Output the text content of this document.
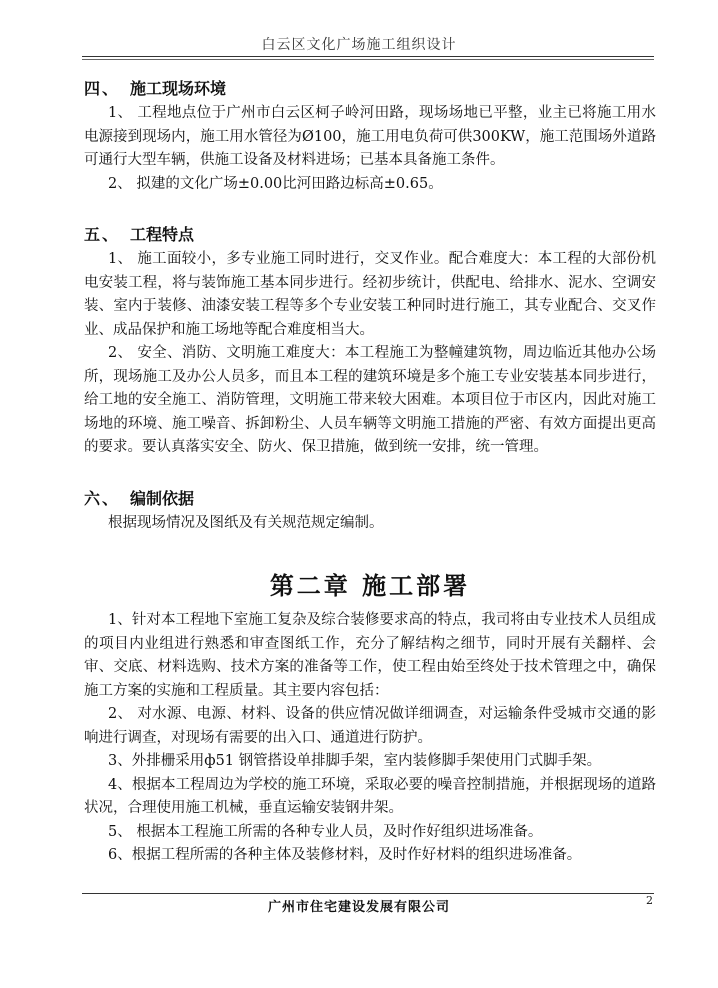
白云区文化广场施工组织设计
四、 施工现场环境
1、 工程地点位于广州市白云区柯子岭河田路，现场场地已平整，业主已将施工用水电源接到现场内，施工用水管径为Ø100，施工用电负荷可供300KW，施工范围场外道路可通行大型车辆，供施工设备及材料进场；已基本具备施工条件。
2、 拟建的文化广场±0.00比河田路边标高±0.65。
五、 工程特点
1、 施工面较小，多专业施工同时进行，交叉作业。配合难度大：本工程的大部份机电安装工程，将与装饰施工基本同步进行。经初步统计，供配电、给排水、泥水、空调安装、室内于装修、油漆安装工程等多个专业安装工种同时进行施工，其专业配合、交叉作业、成品保护和施工场地等配合难度相当大。
2、 安全、消防、文明施工难度大：本工程施工为整幢建筑物，周边临近其他办公场所，现场施工及办公人员多，而且本工程的建筑环境是多个施工专业安装基本同步进行，给工地的安全施工、消防管理，文明施工带来较大困难。本项目位于市区内，因此对施工场地的环境、施工噪音、拆卸粉尘、人员车辆等文明施工措施的严密、有效方面提出更高的要求。要认真落实安全、防火、保卫措施，做到统一安排，统一管理。
六、 编制依据
根据现场情况及图纸及有关规范规定编制。
第二章 施工部署
1、针对本工程地下室施工复杂及综合装修要求高的特点，我司将由专业技术人员组成的项目内业组进行熟悉和审查图纸工作，充分了解结构之细节，同时开展有关翻样、会审、交底、材料选购、技术方案的准备等工作，使工程由始至终处于技术管理之中，确保施工方案的实施和工程质量。其主要内容包括：
2、 对水源、电源、材料、设备的供应情况做详细调查，对运输条件受城市交通的影响进行调查，对现场有需要的出入口、通道进行防护。
3、外排栅采用ф51 钢管搭设单排脚手架，室内装修脚手架使用门式脚手架。
4、根据本工程周边为学校的施工环境，采取必要的噪音控制措施，并根据现场的道路状况，合理使用施工机械，垂直运输安装钢井架。
5、 根据本工程施工所需的各种专业人员，及时作好组织进场准备。
6、根据工程所需的各种主体及装修材料，及时作好材料的组织进场准备。
广州市住宅建设发展有限公司	2
